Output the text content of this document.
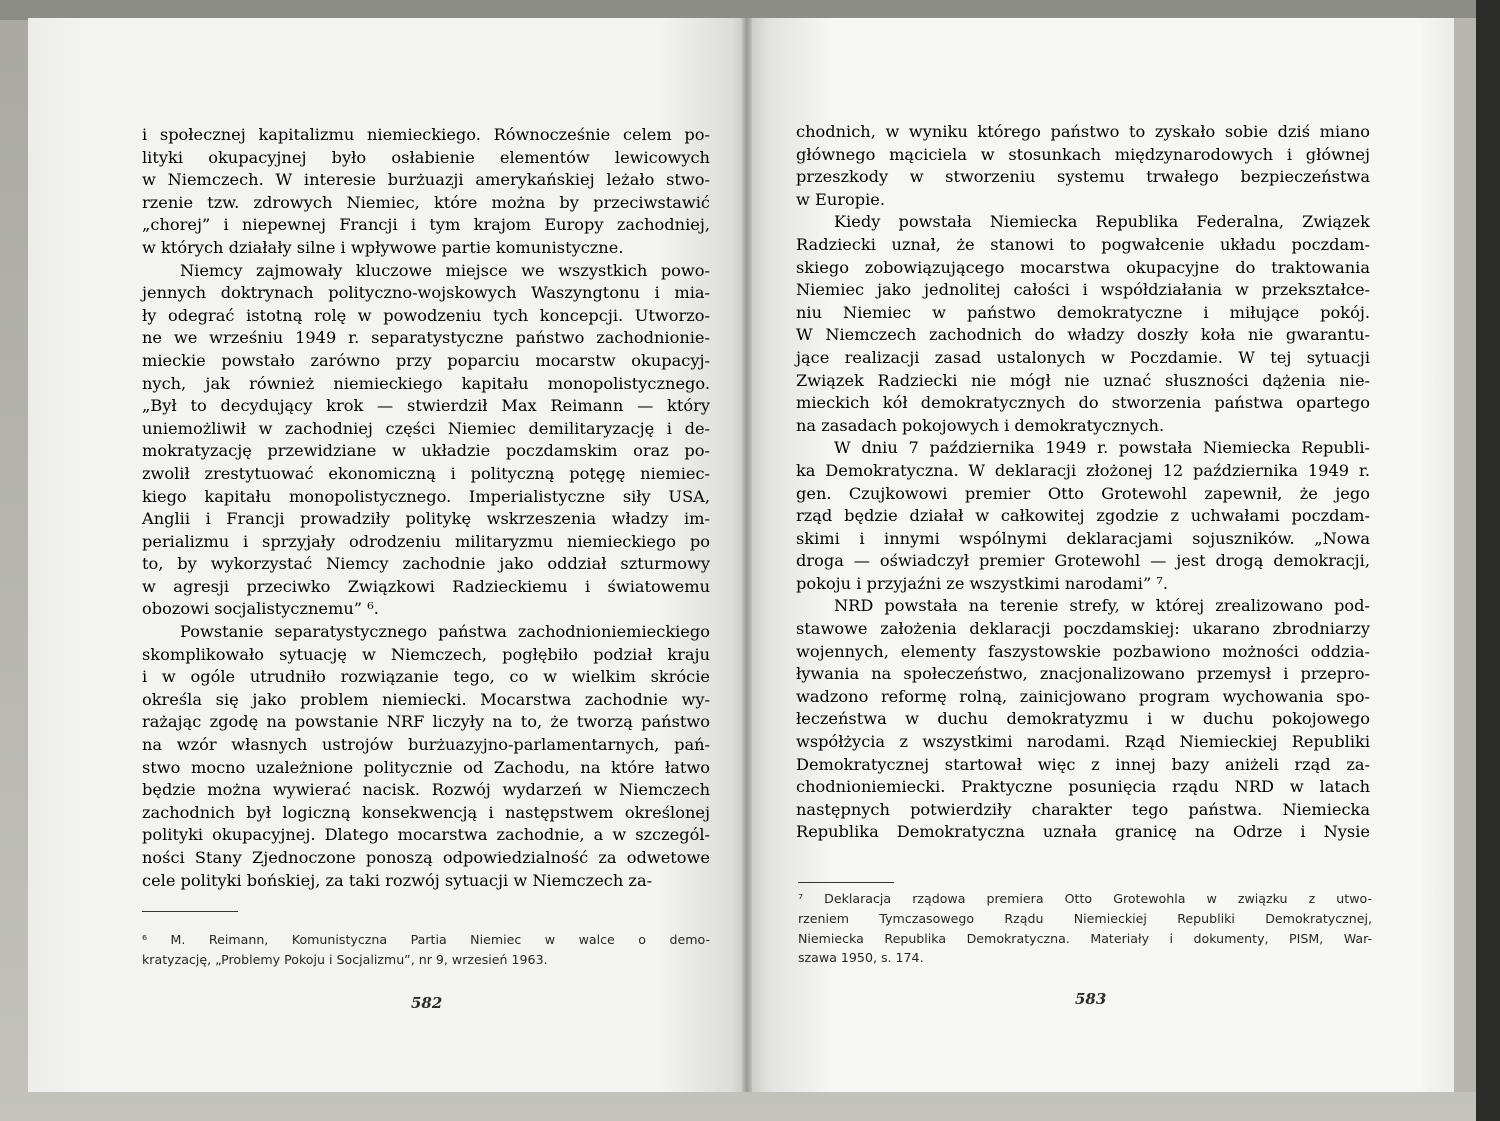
i społecznej kapitalizmu niemieckiego. Równocześnie celem po-
lityki okupacyjnej było osłabienie elementów lewicowych
w Niemczech. W interesie burżuazji amerykańskiej leżało stwo-
rzenie tzw. zdrowych Niemiec, które można by przeciwstawić
„chorej” i niepewnej Francji i tym krajom Europy zachodniej,
w których działały silne i wpływowe partie komunistyczne.
Niemcy zajmowały kluczowe miejsce we wszystkich powo-
jennych doktrynach polityczno-wojskowych Waszyngtonu i mia-
ły odegrać istotną rolę w powodzeniu tych koncepcji. Utworzo-
ne we wrześniu 1949 r. separatystyczne państwo zachodnionie-
mieckie powstało zarówno przy poparciu mocarstw okupacyj-
nych, jak również niemieckiego kapitału monopolistycznego.
„Był to decydujący krok — stwierdził Max Reimann — który
uniemożliwił w zachodniej części Niemiec demilitaryzację i de-
mokratyzację przewidziane w układzie poczdamskim oraz po-
zwolił zrestytuować ekonomiczną i polityczną potęgę niemiec-
kiego kapitału monopolistycznego. Imperialistyczne siły USA,
Anglii i Francji prowadziły politykę wskrzeszenia władzy im-
perializmu i sprzyjały odrodzeniu militaryzmu niemieckiego po
to, by wykorzystać Niemcy zachodnie jako oddział szturmowy
w agresji przeciwko Związkowi Radzieckiemu i światowemu
obozowi socjalistycznemu” ⁶.
Powstanie separatystycznego państwa zachodnioniemieckiego
skomplikowało sytuację w Niemczech, pogłębiło podział kraju
i w ogóle utrudniło rozwiązanie tego, co w wielkim skrócie
określa się jako problem niemiecki. Mocarstwa zachodnie wy-
rażając zgodę na powstanie NRF liczyły na to, że tworzą państwo
na wzór własnych ustrojów burżuazyjno-parlamentarnych, pań-
stwo mocno uzależnione politycznie od Zachodu, na które łatwo
będzie można wywierać nacisk. Rozwój wydarzeń w Niemczech
zachodnich był logiczną konsekwencją i następstwem określonej
polityki okupacyjnej. Dlatego mocarstwa zachodnie, a w szczegól-
ności Stany Zjednoczone ponoszą odpowiedzialność za odwetowe
cele polityki bońskiej, za taki rozwój sytuacji w Niemczech za-
⁶ M. Reimann, Komunistyczna Partia Niemiec w walce o demo-
kratyzację, „Problemy Pokoju i Socjalizmu”, nr 9, wrzesień 1963.
582
chodnich, w wyniku którego państwo to zyskało sobie dziś miano
głównego mąciciela w stosunkach międzynarodowych i głównej
przeszkody w stworzeniu systemu trwałego bezpieczeństwa
w Europie.
Kiedy powstała Niemiecka Republika Federalna, Związek
Radziecki uznał, że stanowi to pogwałcenie układu poczdam-
skiego zobowiązującego mocarstwa okupacyjne do traktowania
Niemiec jako jednolitej całości i współdziałania w przekształce-
niu Niemiec w państwo demokratyczne i miłujące pokój.
W Niemczech zachodnich do władzy doszły koła nie gwarantu-
jące realizacji zasad ustalonych w Poczdamie. W tej sytuacji
Związek Radziecki nie mógł nie uznać słuszności dążenia nie-
mieckich kół demokratycznych do stworzenia państwa opartego
na zasadach pokojowych i demokratycznych.
W dniu 7 października 1949 r. powstała Niemiecka Republi-
ka Demokratyczna. W deklaracji złożonej 12 października 1949 r.
gen. Czujkowowi premier Otto Grotewohl zapewnił, że jego
rząd będzie działał w całkowitej zgodzie z uchwałami poczdam-
skimi i innymi wspólnymi deklaracjami sojuszników. „Nowa
droga — oświadczył premier Grotewohl — jest drogą demokracji,
pokoju i przyjaźni ze wszystkimi narodami” ⁷.
NRD powstała na terenie strefy, w której zrealizowano pod-
stawowe założenia deklaracji poczdamskiej: ukarano zbrodniarzy
wojennych, elementy faszystowskie pozbawiono możności oddzia-
ływania na społeczeństwo, znacjonalizowano przemysł i przepro-
wadzono reformę rolną, zainicjowano program wychowania spo-
łeczeństwa w duchu demokratyzmu i w duchu pokojowego
współżycia z wszystkimi narodami. Rząd Niemieckiej Republiki
Demokratycznej startował więc z innej bazy aniżeli rząd za-
chodnioniemiecki. Praktyczne posunięcia rządu NRD w latach
następnych potwierdziły charakter tego państwa. Niemiecka
Republika Demokratyczna uznała granicę na Odrze i Nysie
⁷ Deklaracja rządowa premiera Otto Grotewohla w związku z utwo-
rzeniem Tymczasowego Rządu Niemieckiej Republiki Demokratycznej,
Niemiecka Republika Demokratyczna. Materiały i dokumenty, PISM, War-
szawa 1950, s. 174.
583
